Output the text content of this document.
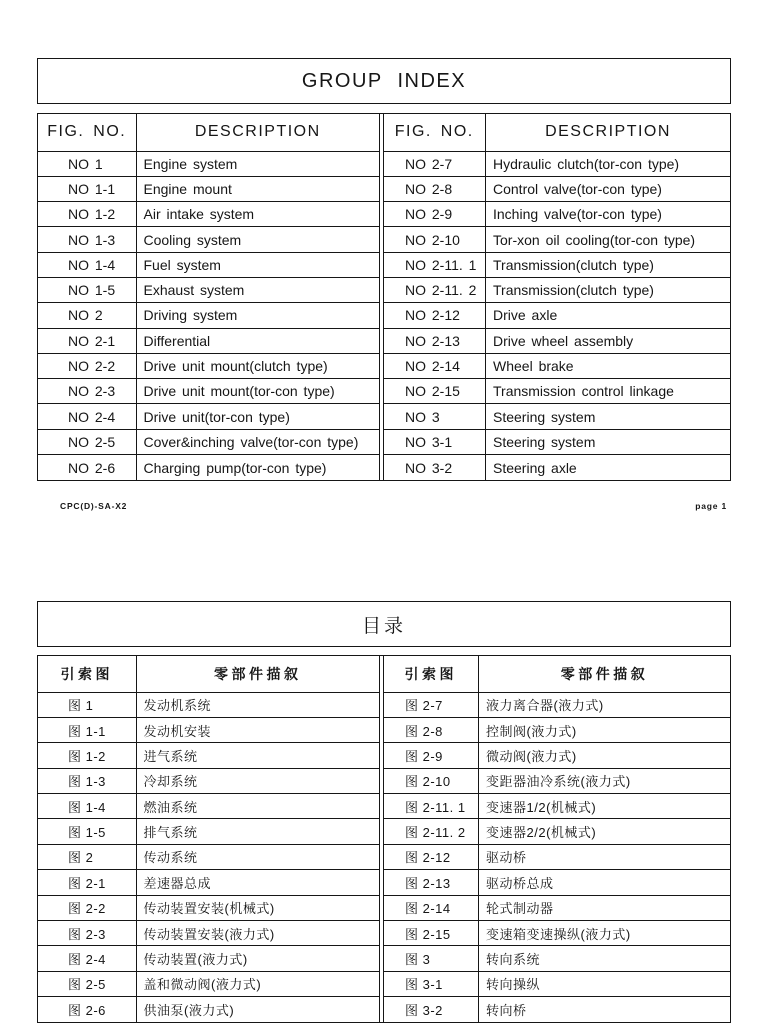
GROUP INDEX
FIG. NO.	DESCRIPTION
NO 1	Engine system
NO 1-1	Engine mount
NO 1-2	Air intake system
NO 1-3	Cooling system
NO 1-4	Fuel system
NO 1-5	Exhaust system
NO 2	Driving system
NO 2-1	Differential
NO 2-2	Drive unit mount(clutch type)
NO 2-3	Drive unit mount(tor-con type)
NO 2-4	Drive unit(tor-con type)
NO 2-5	Cover&inching valve(tor-con type)
NO 2-6	Charging pump(tor-con type)
FIG. NO.	DESCRIPTION
NO 2-7	Hydraulic clutch(tor-con type)
NO 2-8	Control valve(tor-con type)
NO 2-9	Inching valve(tor-con type)
NO 2-10	Tor-xon oil cooling(tor-con type)
NO 2-11. 1	Transmission(clutch type)
NO 2-11. 2	Transmission(clutch type)
NO 2-12	Drive axle
NO 2-13	Drive wheel assembly
NO 2-14	Wheel brake
NO 2-15	Transmission control linkage
NO 3	Steering system
NO 3-1	Steering system
NO 3-2	Steering axle
CPC(D)-SA-X2	page 1
目录
引索图	零部件描叙
图 1	发动机系统
图 1-1	发动机安装
图 1-2	进气系统
图 1-3	冷却系统
图 1-4	燃油系统
图 1-5	排气系统
图 2	传动系统
图 2-1	差速器总成
图 2-2	传动装置安装(机械式)
图 2-3	传动装置安装(液力式)
图 2-4	传动装置(液力式)
图 2-5	盖和微动阀(液力式)
图 2-6	供油泵(液力式)
引索图	零部件描叙
图 2-7	液力离合器(液力式)
图 2-8	控制阀(液力式)
图 2-9	微动阀(液力式)
图 2-10	变距器油冷系统(液力式)
图 2-11. 1	变速器1/2(机械式)
图 2-11. 2	变速器2/2(机械式)
图 2-12	驱动桥
图 2-13	驱动桥总成
图 2-14	轮式制动器
图 2-15	变速箱变速操纵(液力式)
图 3	转向系统
图 3-1	转向操纵
图 3-2	转向桥
